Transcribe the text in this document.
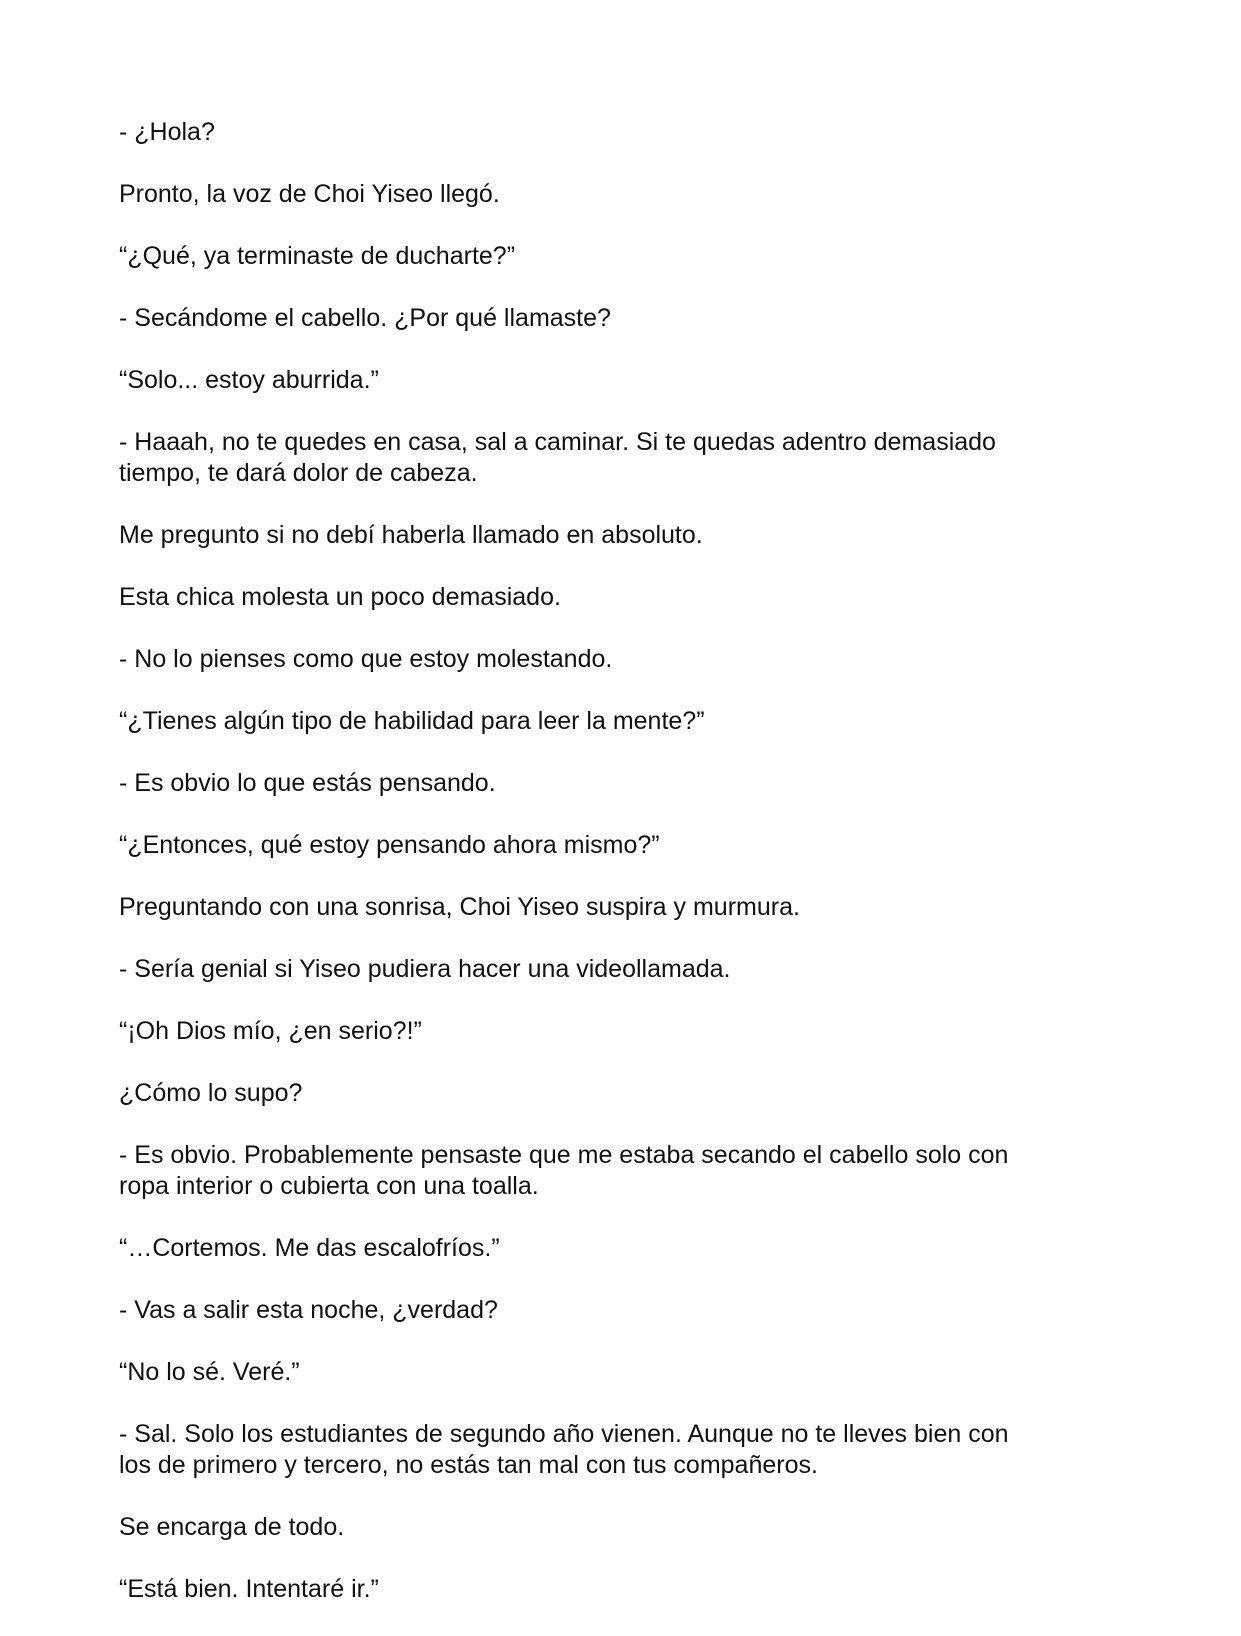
- ¿Hola?

Pronto, la voz de Choi Yiseo llegó.

“¿Qué, ya terminaste de ducharte?”

- Secándome el cabello. ¿Por qué llamaste?

“Solo... estoy aburrida.”

- Haaah, no te quedes en casa, sal a caminar. Si te quedas adentro demasiado
tiempo, te dará dolor de cabeza.

Me pregunto si no debí haberla llamado en absoluto.

Esta chica molesta un poco demasiado.

- No lo pienses como que estoy molestando.

“¿Tienes algún tipo de habilidad para leer la mente?”

- Es obvio lo que estás pensando.

“¿Entonces, qué estoy pensando ahora mismo?”

Preguntando con una sonrisa, Choi Yiseo suspira y murmura.

- Sería genial si Yiseo pudiera hacer una videollamada.

“¡Oh Dios mío, ¿en serio?!”

¿Cómo lo supo?

- Es obvio. Probablemente pensaste que me estaba secando el cabello solo con
ropa interior o cubierta con una toalla.

“…Cortemos. Me das escalofríos.”

- Vas a salir esta noche, ¿verdad?

“No lo sé. Veré.”

- Sal. Solo los estudiantes de segundo año vienen. Aunque no te lleves bien con
los de primero y tercero, no estás tan mal con tus compañeros.

Se encarga de todo.

“Está bien. Intentaré ir.”
